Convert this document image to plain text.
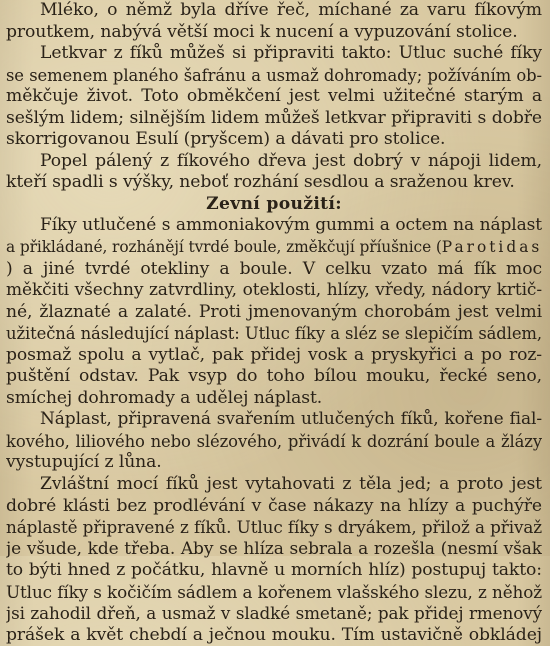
Mléko, o němž byla dříve řeč, míchané za varu fíkovým
proutkem, nabývá větší moci k nucení a vypuzování stolice.
Letkvar z fíků můžeš si připraviti takto: Utluc suché fíky
se semenem planého šafránu a usmaž dohromady; požíváním ob-
měkčuje život. Toto obměkčení jest velmi užitečné starým a
sešlým lidem; silnějším lidem můžeš letkvar připraviti s dobře
skorrigovanou Esulí (pryšcem) a dávati pro stolice.
Popel pálený z fíkového dřeva jest dobrý v nápoji lidem,
kteří spadli s výšky, neboť rozhání sesdlou a sraženou krev.
Zevní použití:
Fíky utlučené s ammoniakovým gummi a octem na náplast
a přikládané, rozhánějí tvrdé boule, změkčují příušnice (Parotidas
) a jiné tvrdé otekliny a boule. V celku vzato má fík moc
měkčiti všechny zatvrdliny, oteklosti, hlízy, vředy, nádory krtič-
né, žlaznaté a zalaté. Proti jmenovaným chorobám jest velmi
užitečná následující náplast: Utluc fíky a sléz se slepičím sádlem,
posmaž spolu a vytlač, pak přidej vosk a pryskyřici a po roz-
puštění odstav. Pak vsyp do toho bílou mouku, řecké seno,
smíchej dohromady a udělej náplast.
Náplast, připravená svařením utlučených fíků, kořene fial-
kového, liliového nebo slézového, přivádí k dozrání boule a žlázy
vystupující z lůna.
Zvláštní mocí fíků jest vytahovati z těla jed; a proto jest
dobré klásti bez prodlévání v čase nákazy na hlízy a puchýře
náplastě připravené z fíků. Utluc fíky s dryákem, přilož a přivaž
je všude, kde třeba. Aby se hlíza sebrala a rozešla (nesmí však
to býti hned z počátku, hlavně u morních hlíz) postupuj takto:
Utluc fíky s kočičím sádlem a kořenem vlašského slezu, z něhož
jsi zahodil dřeň, a usmaž v sladké smetaně; pak přidej rmenový
prášek a květ chebdí a ječnou mouku. Tím ustavičně obkládej
